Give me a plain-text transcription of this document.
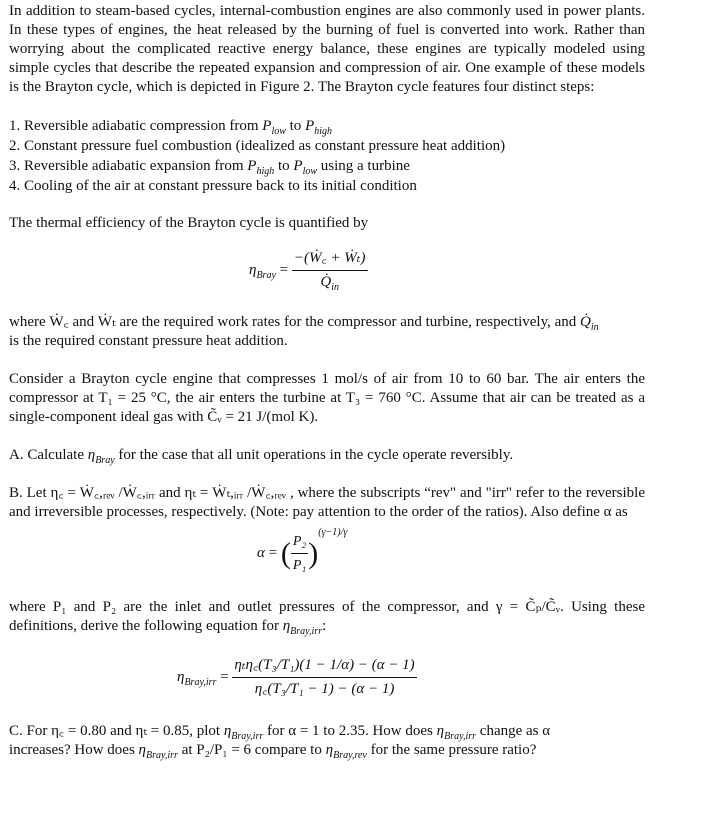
In addition to steam-based cycles, internal-combustion engines are also commonly used in power plants. In these types of engines, the heat released by the burning of fuel is converted into work. Rather than worrying about the complicated reactive energy balance, these engines are typically modeled using simple cycles that describe the repeated expansion and compression of air. One example of these models is the Brayton cycle, which is depicted in Figure 2. The Brayton cycle features four distinct steps:

1. Reversible adiabatic compression from $P_{low}$ to $P_{high}$
2. Constant pressure fuel combustion (idealized as constant pressure heat addition)
3. Reversible adiabatic expansion from $P_{high}$ to $P_{low}$ using a turbine
4. Cooling of the air at constant pressure back to its initial condition

The thermal efficiency of the Brayton cycle is quantified by

$\eta_{Bray} = \frac{\text{−(Ẇ꜀ + Ẇₜ)}}{Q̇_{in}}$

where Ẇ꜀ and Ẇₜ are the required work rates for the compressor and turbine, respectively, and $Q̇_{in}$
is the required constant pressure heat addition.

Consider a Brayton cycle engine that compresses 1 mol/s of air from 10 to 60 bar. The air enters the compressor at T₁ = 25 °C, the air enters the turbine at T₃ = 760 °C. Assume that air can be treated as a single-component ideal gas with C̃ᵥ = 21 J/(mol K).

A. Calculate $\eta_{Bray}$ for the case that all unit operations in the cycle operate reversibly.

B. Let η꜀ = Ẇ꜀,ᵣₑᵥ /Ẇ꜀,ᵢᵣᵣ and ηₜ = Ẇₜ,ᵢᵣᵣ /Ẇ꜀,ᵣₑᵥ , where the subscripts “rev" and "irr" refer to the reversible and irreversible processes, respectively. (Note: pay attention to the order of the ratios). Also define α as

α = ( $\frac{\text{P₂}}{\text{P₁}} )^{(\gamma-1)/\gamma}$

where P₁ and P₂ are the inlet and outlet pressures of the compressor, and γ = C̃ₚ/C̃ᵥ. Using these definitions, derive the following equation for $\eta_{Bray,irr}$:

$\eta_{Bray,irr} = \frac{\text{ηₜη꜀(T₃/T₁)(1 − 1/α) − (α − 1)}}{\text{η꜀(T₃/T₁ − 1) − (α − 1)}}$

C. For η꜀ = 0.80 and ηₜ = 0.85, plot $\eta_{Bray,irr}$ for α = 1 to 2.35. How does $\eta_{Bray,irr}$ change as α
increases? How does $\eta_{Bray,irr}$ at P₂/P₁ = 6 compare to $\eta_{Bray,rev}$ for the same pressure ratio?
